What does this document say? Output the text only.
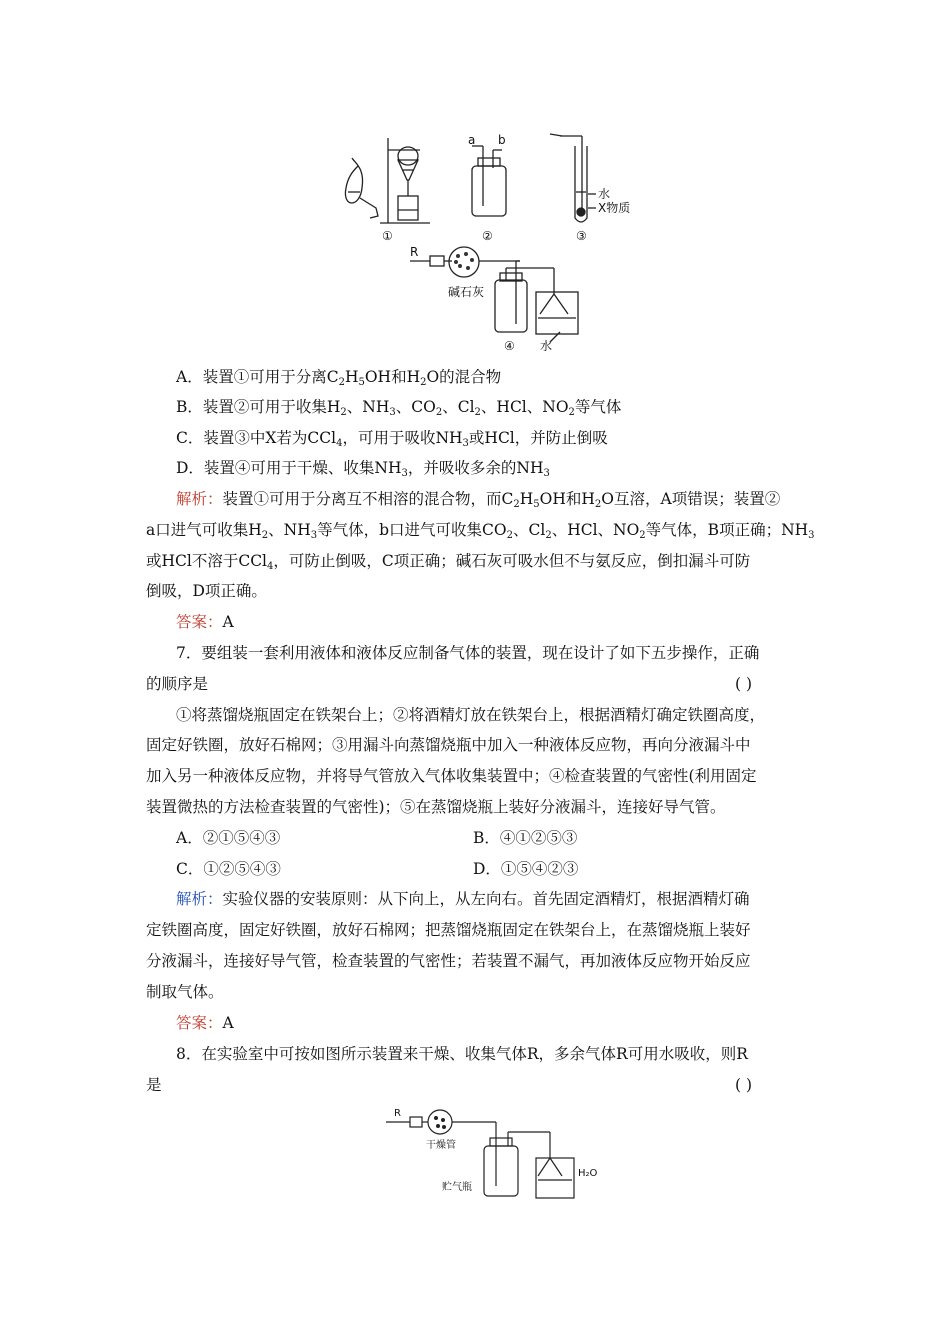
①	②	③
a b
水
X物质
R
碱石灰
④ 水
A．装置①可用于分离$C_2H_5OH$和$H_2O$的混合物
B．装置②可用于收集$H_2$、$NH_3$、$CO_2$、$Cl_2$、HCl、$NO_2$等气体
C．装置③中X若为CCl$_4$，可用于吸收$NH_3$或HCl，并防止倒吸
D．装置④可用于干燥、收集$NH_3$，并吸收多余的$NH_3$
解析：装置①可用于分离互不相溶的混合物，而$C_2H_5OH$和$H_2O$互溶，A项错误；装置②
a口进气可收集$H_2$、$NH_3$等气体，b口进气可收集$CO_2$、$Cl_2$、HCl、$NO_2$等气体，B项正确；$NH_3$
或HCl不溶于CCl$_4$，可防止倒吸，C项正确；碱石灰可吸水但不与氨反应，倒扣漏斗可防
倒吸，D项正确。
答案：A
7．要组装一套利用液体和液体反应制备气体的装置，现在设计了如下五步操作，正确
的顺序是	( )
①将蒸馏烧瓶固定在铁架台上；②将酒精灯放在铁架台上，根据酒精灯确定铁圈高度，
固定好铁圈，放好石棉网；③用漏斗向蒸馏烧瓶中加入一种液体反应物，再向分液漏斗中
加入另一种液体反应物，并将导气管放入气体收集装置中；④检查装置的气密性(利用固定
装置微热的方法检查装置的气密性)；⑤在蒸馏烧瓶上装好分液漏斗，连接好导气管。
A．②①⑤④③	B．④①②⑤③
C．①②⑤④③	D．①⑤④②③
解析：实验仪器的安装原则：从下向上，从左向右。首先固定酒精灯，根据酒精灯确
定铁圈高度，固定好铁圈，放好石棉网；把蒸馏烧瓶固定在铁架台上，在蒸馏烧瓶上装好
分液漏斗，连接好导气管，检查装置的气密性；若装置不漏气，再加液体反应物开始反应
制取气体。
答案：A
8．在实验室中可按如图所示装置来干燥、收集气体R，多余气体R可用水吸收，则R
是	( )
R
干燥管
贮气瓶
H₂O
